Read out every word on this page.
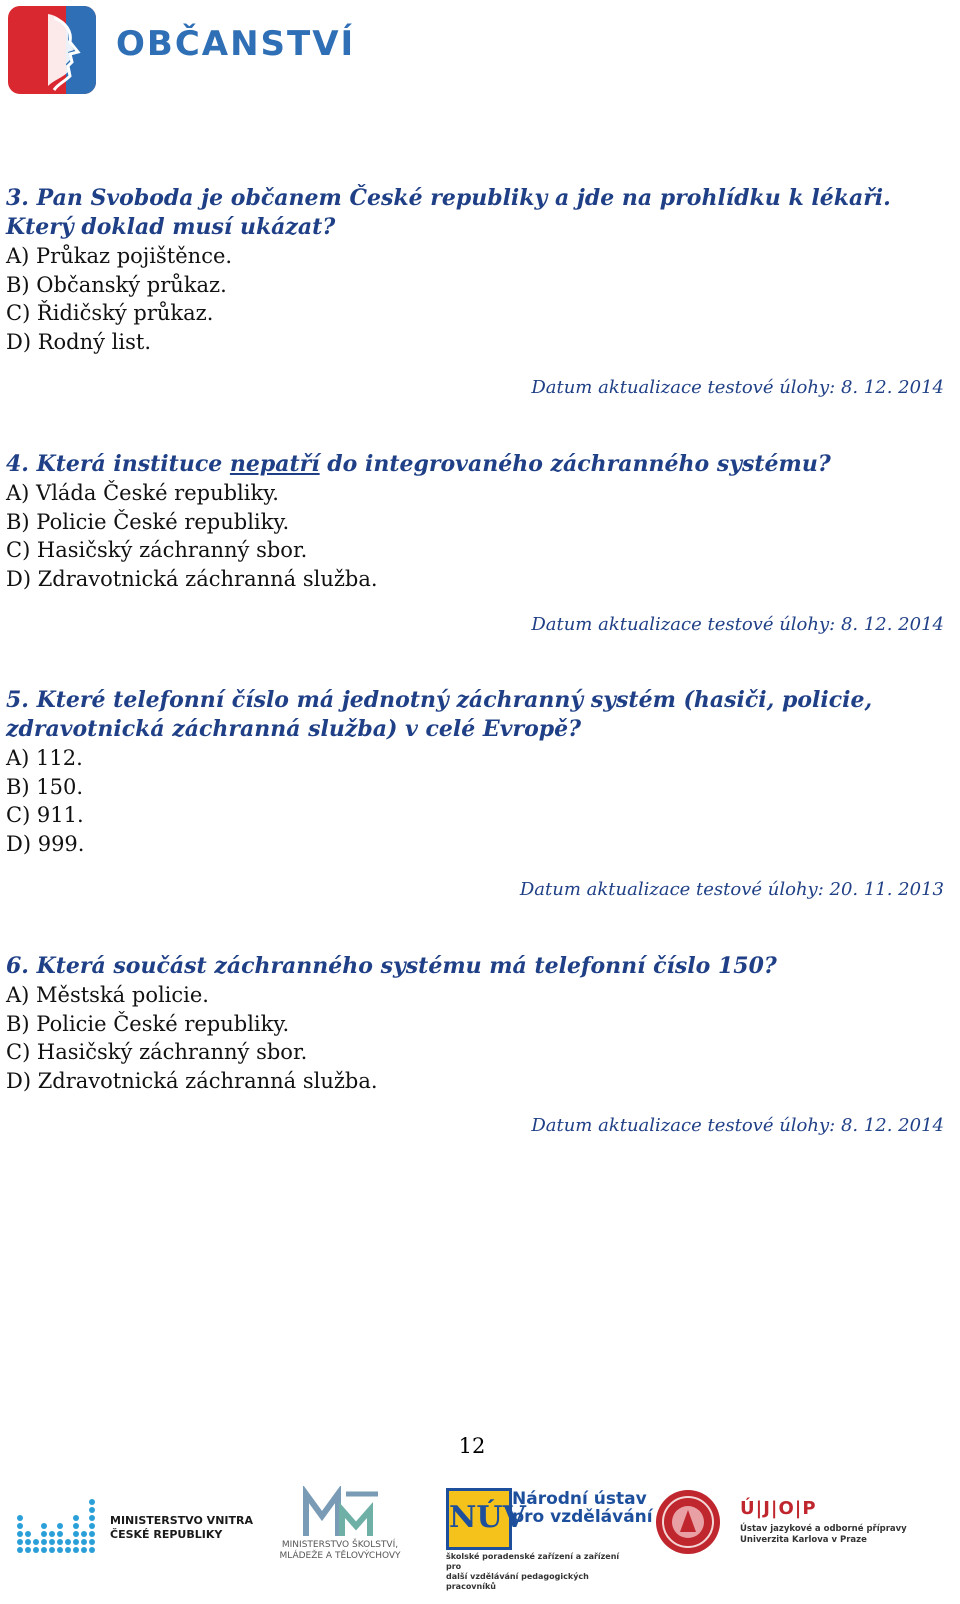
OBČANSTVÍ
3. Pan Svoboda je občanem České republiky a jde na prohlídku k lékaři. Který doklad musí ukázat?
A) Průkaz pojištěnce.
B) Občanský průkaz.
C) Řidičský průkaz.
D) Rodný list.
Datum aktualizace testové úlohy: 8. 12. 2014
4. Která instituce nepatří do integrovaného záchranného systému?
A) Vláda České republiky.
B) Policie České republiky.
C) Hasičský záchranný sbor.
D) Zdravotnická záchranná služba.
Datum aktualizace testové úlohy: 8. 12. 2014
5. Které telefonní číslo má jednotný záchranný systém (hasiči, policie, zdravotnická záchranná služba) v celé Evropě?
A) 112.
B) 150.
C) 911.
D) 999.
Datum aktualizace testové úlohy: 20. 11. 2013
6. Která součást záchranného systému má telefonní číslo 150?
A) Městská policie.
B) Policie České republiky.
C) Hasičský záchranný sbor.
D) Zdravotnická záchranná služba.
Datum aktualizace testové úlohy: 8. 12. 2014
12
MINISTERSTVO VNITRA
ČESKÉ REPUBLIKY
MINISTERSTVO ŠKOLSTVÍ,
MLÁDEŽE A TĚLOVÝCHOVY
NÚV
Národní ústav
pro vzdělávání
školské poradenské zařízení a zařízení pro
další vzdělávání pedagogických pracovníků
Ú|J|O|P
Ústav jazykové a odborné přípravy
Univerzita Karlova v Praze
